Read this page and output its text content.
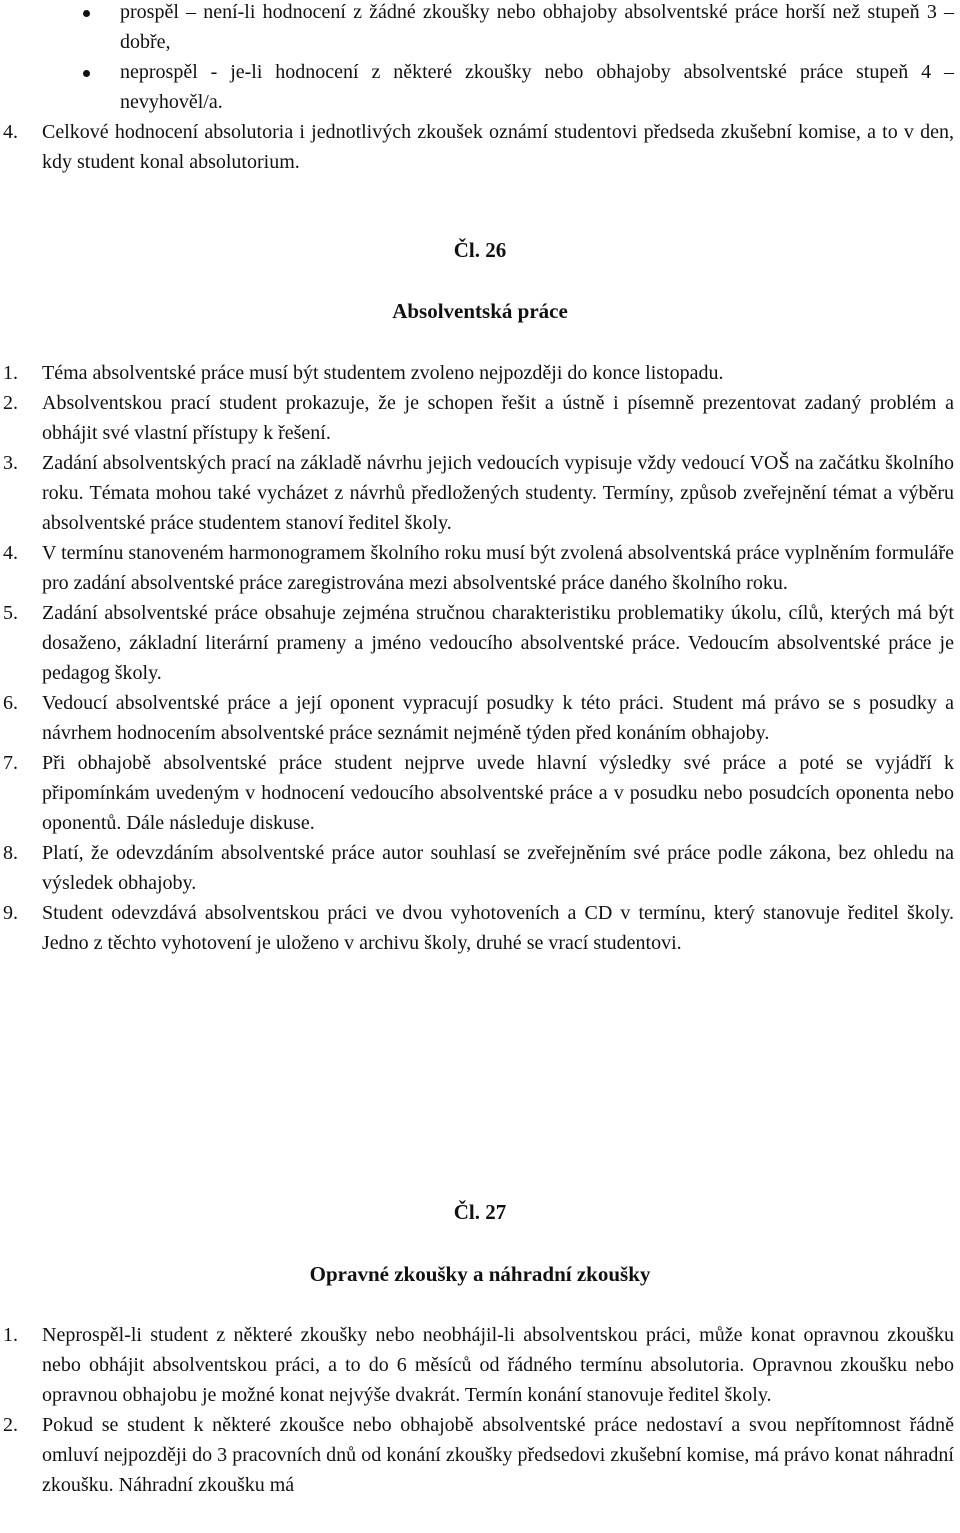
prospěl – není-li hodnocení z žádné zkoušky nebo obhajoby absolventské práce horší než stupeň 3 – dobře,
neprospěl - je-li hodnocení z některé zkoušky nebo obhajoby absolventské práce stupeň 4 – nevyhověl/a.
4. Celkové hodnocení absolutoria i jednotlivých zkoušek oznámí studentovi předseda zkušební komise, a to v den, kdy student konal absolutorium.
Čl. 26
Absolventská práce
1. Téma absolventské práce musí být studentem zvoleno nejpozději do konce listopadu.
2. Absolventskou prací student prokazuje, že je schopen řešit a ústně i písemně prezentovat zadaný problém a obhájit své vlastní přístupy k řešení.
3. Zadání absolventských prací na základě návrhu jejich vedoucích vypisuje vždy vedoucí VOŠ na začátku školního roku. Témata mohou také vycházet z návrhů předložených studenty. Termíny, způsob zveřejnění témat a výběru absolventské práce studentem stanoví ředitel školy.
4. V termínu stanoveném harmonogramem školního roku musí být zvolená absolventská práce vyplněním formuláře pro zadání absolventské práce zaregistrována mezi absolventské práce daného školního roku.
5. Zadání absolventské práce obsahuje zejména stručnou charakteristiku problematiky úkolu, cílů, kterých má být dosaženo, základní literární prameny a jméno vedoucího absolventské práce. Vedoucím absolventské práce je pedagog školy.
6. Vedoucí absolventské práce a její oponent vypracují posudky k této práci. Student má právo se s posudky a návrhem hodnocením absolventské práce seznámit nejméně týden před konáním obhajoby.
7. Při obhajobě absolventské práce student nejprve uvede hlavní výsledky své práce a poté se vyjádří k připomínkám uvedeným v hodnocení vedoucího absolventské práce a v posudku nebo posudcích oponenta nebo oponentů. Dále následuje diskuse.
8. Platí, že odevzdáním absolventské práce autor souhlasí se zveřejněním své práce podle zákona, bez ohledu na výsledek obhajoby.
9. Student odevzdává absolventskou práci ve dvou vyhotoveních a CD v termínu, který stanovuje ředitel školy. Jedno z těchto vyhotovení je uloženo v archivu školy, druhé se vrací studentovi.
Čl. 27
Opravné zkoušky a náhradní zkoušky
1. Neprospěl-li student z některé zkoušky nebo neobhájil-li absolventskou práci, může konat opravnou zkoušku nebo obhájit absolventskou práci, a to do 6 měsíců od řádného termínu absolutoria. Opravnou zkoušku nebo opravnou obhajobu je možné konat nejvýše dvakrát. Termín konání stanovuje ředitel školy.
2. Pokud se student k některé zkoušce nebo obhajobě absolventské práce nedostaví a svou nepřítomnost řádně omluví nejpozději do 3 pracovních dnů od konání zkoušky předsedovi zkušební komise, má právo konat náhradní zkoušku. Náhradní zkoušku má
